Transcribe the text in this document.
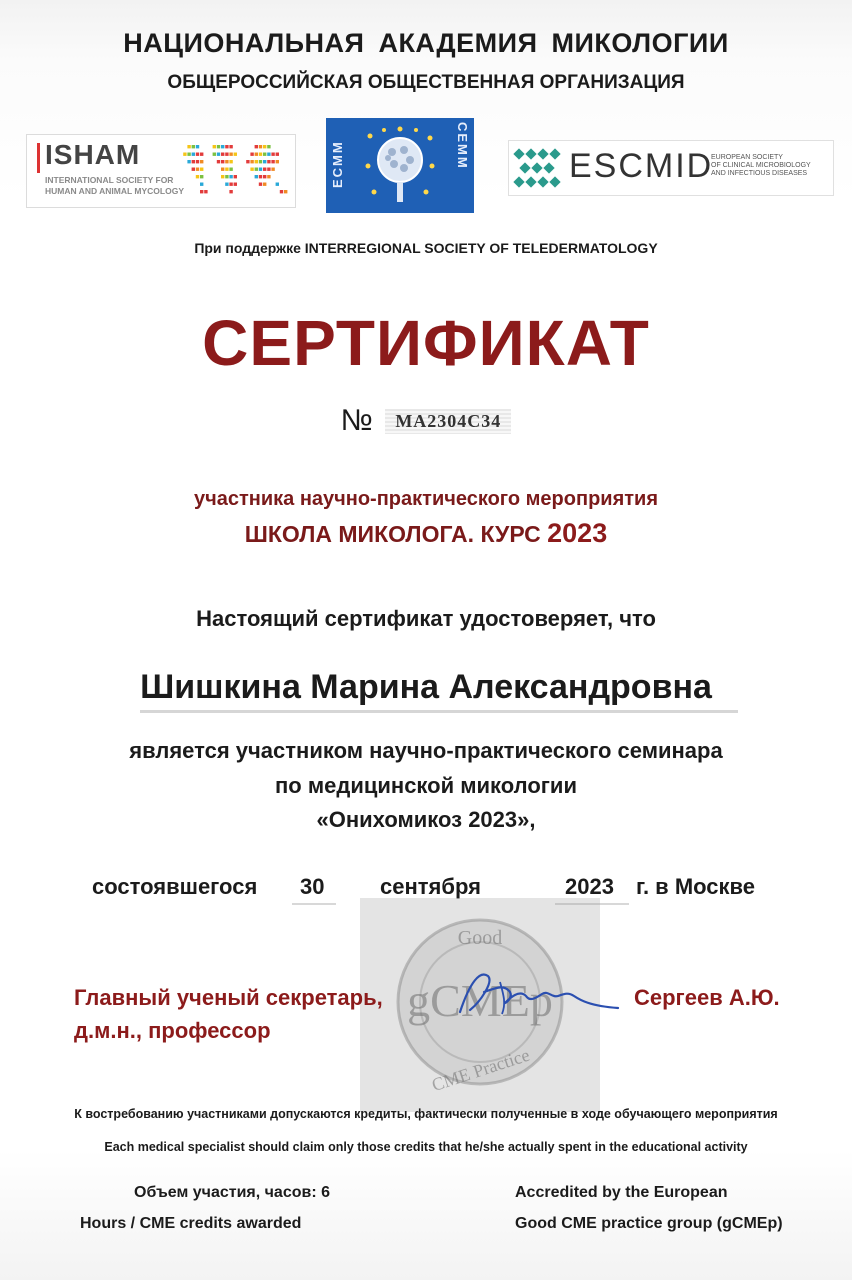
НАЦИОНАЛЬНАЯ АКАДЕМИЯ МИКОЛОГИИ
ОБЩЕРОССИЙСКАЯ ОБЩЕСТВЕННАЯ ОРГАНИЗАЦИЯ
ISHAM
INTERNATIONAL SOCIETY FOR
HUMAN AND ANIMAL MYCOLOGY
ECMM	CEMM	ESCMID
EUROPEAN SOCIETY
OF CLINICAL MICROBIOLOGY
AND INFECTIOUS DISEASES
При поддержке INTERREGIONAL SOCIETY OF TELEDERMATOLOGY
СЕРТИФИКАТ
№ MA2304C34
участника научно-практического мероприятия
ШКОЛА МИКОЛОГА. КУРС 2023
Настоящий сертификат удостоверяет, что
Шишкина Марина Александровна
является участником научно-практического семинара
по медицинской микологии
«Онихомикоз 2023»,
состоявшегося 30	сентября	2023 г. в Москве
Good
gCMEp
CME Practice
Главный ученый секретарь,
д.м.н., профессор
Сергеев А.Ю.
К востребованию участниками допускаются кредиты, фактически полученные в ходе обучающего мероприятия
Each medical specialist should claim only those credits that he/she actually spent in the educational activity
Объем участия, часов: 6
Hours / CME credits awarded
Accredited by the European
Good CME practice group (gCMEp)
